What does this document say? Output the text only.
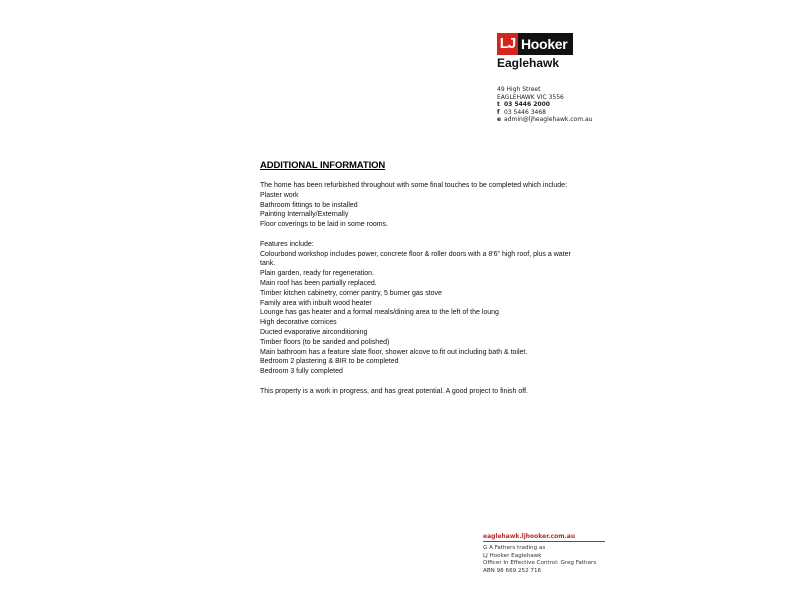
LJ Hooker
Eaglehawk
49 High Street
EAGLEHAWK VIC 3556
t 03 5446 2000
f 03 5446 3468
e admin@ljheaglehawk.com.au
ADDITIONAL INFORMATION
The home has been refurbished throughout with some final touches to be completed which include:
Plaster work
Bathroom fittings to be installed
Painting Internally/Externally
Floor coverings to be laid in some rooms.
Features include:
Colourbond workshop includes power, concrete floor & roller doors with a 8'6" high roof, plus a water
tank.
Plain garden, ready for regeneration.
Main roof has been partially replaced.
Timber kitchen cabinetry, corner pantry, 5 burner gas stove
Family area with inbuilt wood heater
Lounge has gas heater and a formal meals/dining area to the left of the loung
High decorative cornices
Ducted evaporative airconditioning
Timber floors (to be sanded and polished)
Main bathroom has a feature slate floor, shower alcove to fit out including bath & toilet.
Bedroom 2 plastering & BIR to be completed
Bedroom 3 fully completed
This property is a work in progress, and has great potential. A good project to finish off.
eaglehawk.ljhooker.com.au
G A Fathers trading as
LJ Hooker Eaglehawk
Officer In Effective Control: Greg Fathers
ABN 98 669 252 716
